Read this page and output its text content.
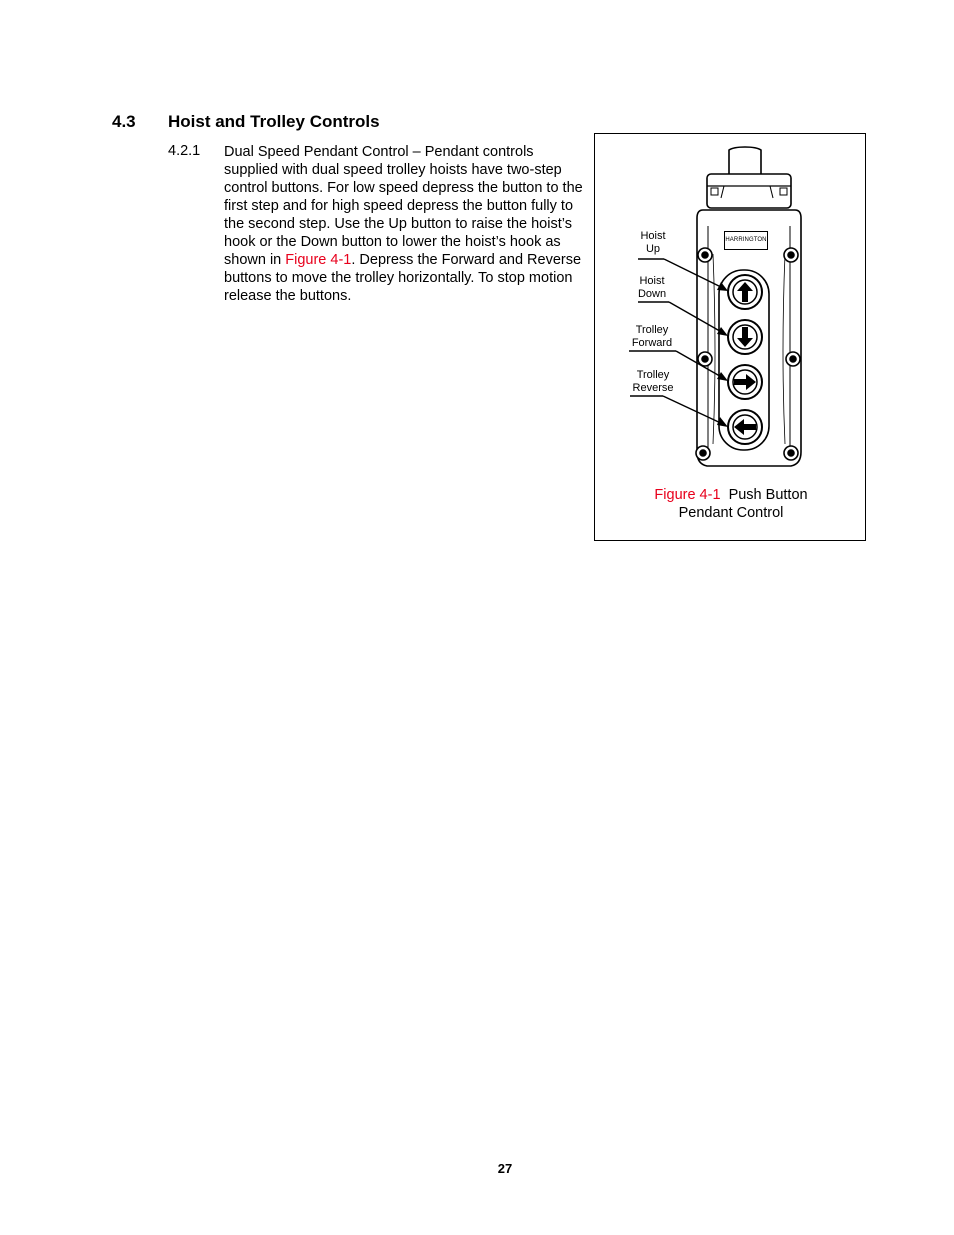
4.3 Hoist and Trolley Controls
4.2.1 Dual Speed Pendant Control – Pendant controls supplied with dual speed trolley hoists have two-step control buttons. For low speed depress the button to the first step and for high speed depress the button fully to the second step. Use the Up button to raise the hoist’s hook or the Down button to lower the hoist’s hook as shown in Figure 4-1. Depress the Forward and Reverse buttons to move the trolley horizontally. To stop motion release the buttons.
HARRINGTON
Hoist
Up
Hoist
Down
Trolley
Forward
Trolley
Reverse
Figure 4-1  Push Button
Pendant Control
27
